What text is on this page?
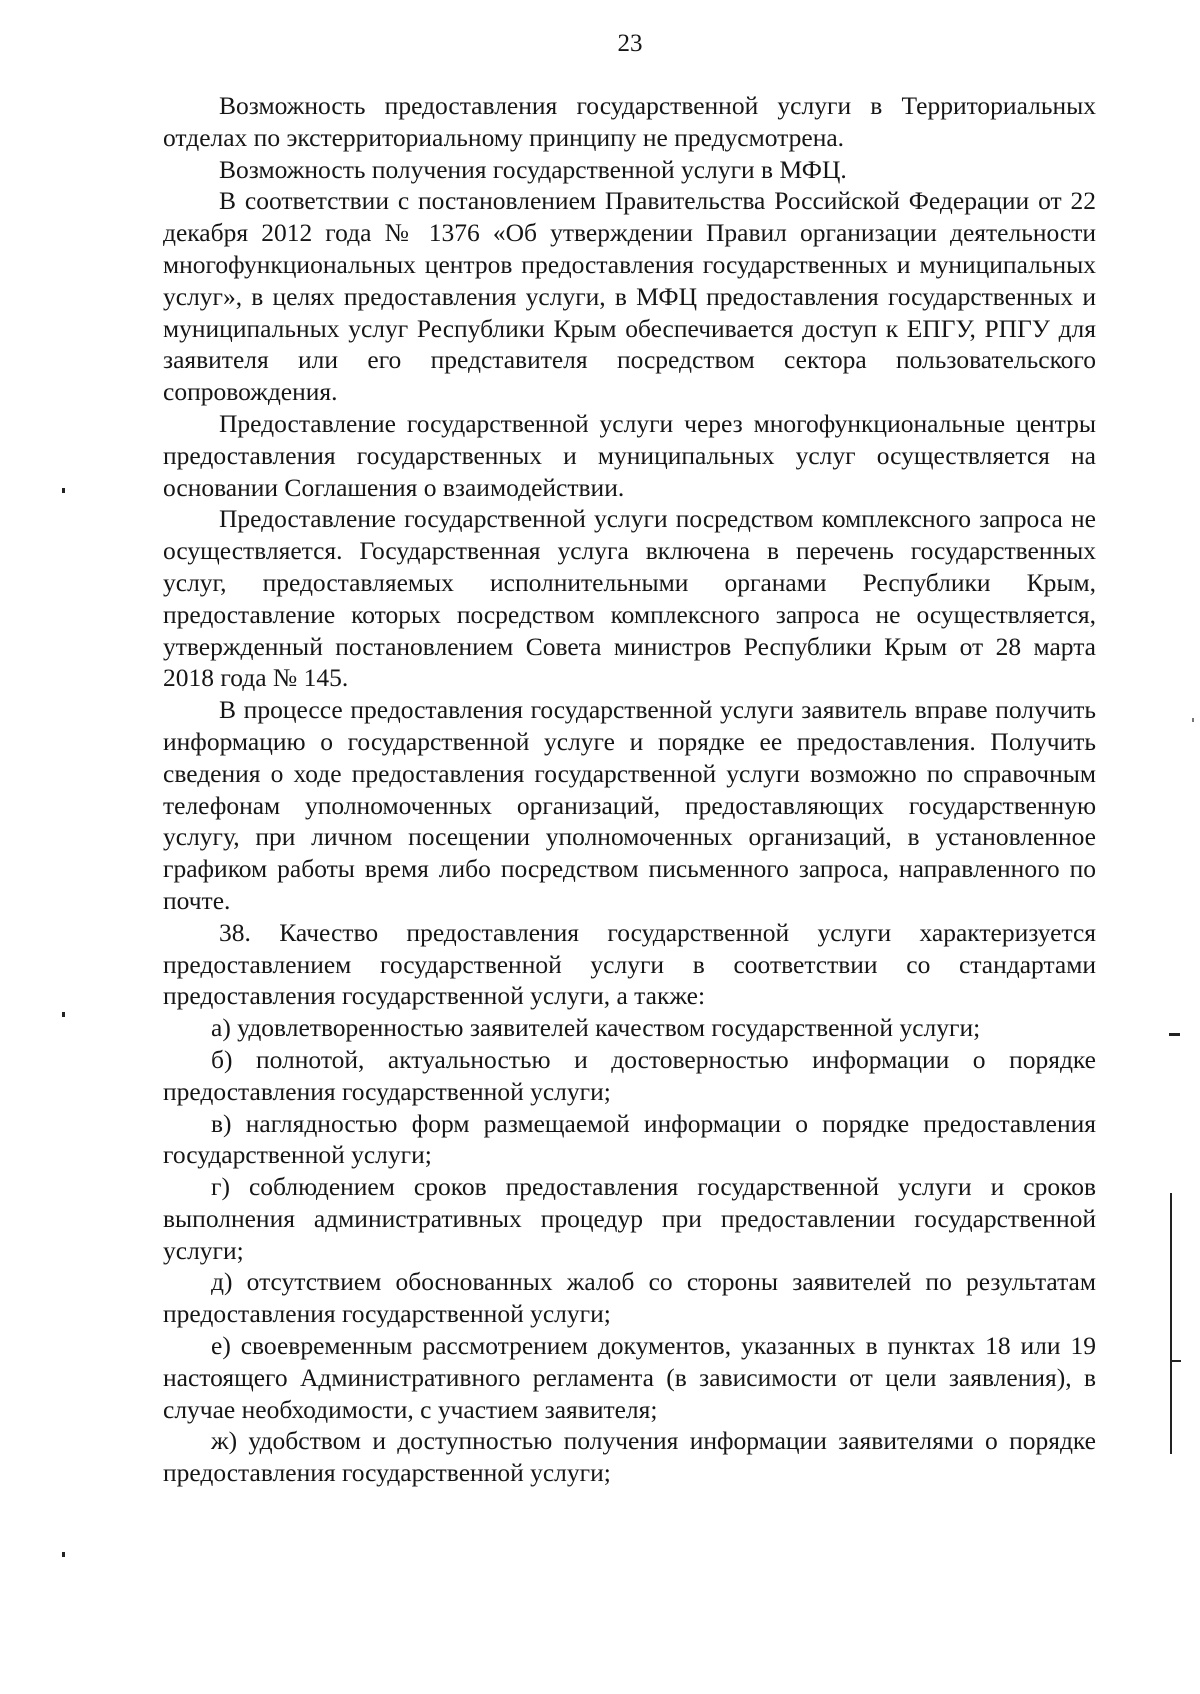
23

Возможность предоставления государственной услуги в Территориальных отделах по экстерриториальному принципу не предусмотрена.

Возможность получения государственной услуги в МФЦ.

В соответствии с постановлением Правительства Российской Федерации от 22 декабря 2012 года № 1376 «Об утверждении Правил организации деятельности многофункциональных центров предоставления государственных и муниципальных услуг», в целях предоставления услуги, в МФЦ предоставления государственных и муниципальных услуг Республики Крым обеспечивается доступ к ЕПГУ, РПГУ для заявителя или его представителя посредством сектора пользовательского сопровождения.

Предоставление государственной услуги через многофункциональные центры предоставления государственных и муниципальных услуг осуществляется на основании Соглашения о взаимодействии.

Предоставление государственной услуги посредством комплексного запроса не осуществляется. Государственная услуга включена в перечень государственных услуг, предоставляемых исполнительными органами Республики Крым, предоставление которых посредством комплексного запроса не осуществляется, утвержденный постановлением Совета министров Республики Крым от 28 марта 2018 года № 145.

В процессе предоставления государственной услуги заявитель вправе получить информацию о государственной услуге и порядке ее предоставления. Получить сведения о ходе предоставления государственной услуги возможно по справочным телефонам уполномоченных организаций, предоставляющих государственную услугу, при личном посещении уполномоченных организаций, в установленное графиком работы время либо посредством письменного запроса, направленного по почте.

38. Качество предоставления государственной услуги характеризуется предоставлением государственной услуги в соответствии со стандартами предоставления государственной услуги, а также:

а) удовлетворенностью заявителей качеством государственной услуги;

б) полнотой, актуальностью и достоверностью информации о порядке предоставления государственной услуги;

в) наглядностью форм размещаемой информации о порядке предоставления государственной услуги;

г) соблюдением сроков предоставления государственной услуги и сроков выполнения административных процедур при предоставлении государственной услуги;

д) отсутствием обоснованных жалоб со стороны заявителей по результатам предоставления государственной услуги;

е) своевременным рассмотрением документов, указанных в пунктах 18 или 19 настоящего Административного регламента (в зависимости от цели заявления), в случае необходимости, с участием заявителя;

ж) удобством и доступностью получения информации заявителями о порядке предоставления государственной услуги;
